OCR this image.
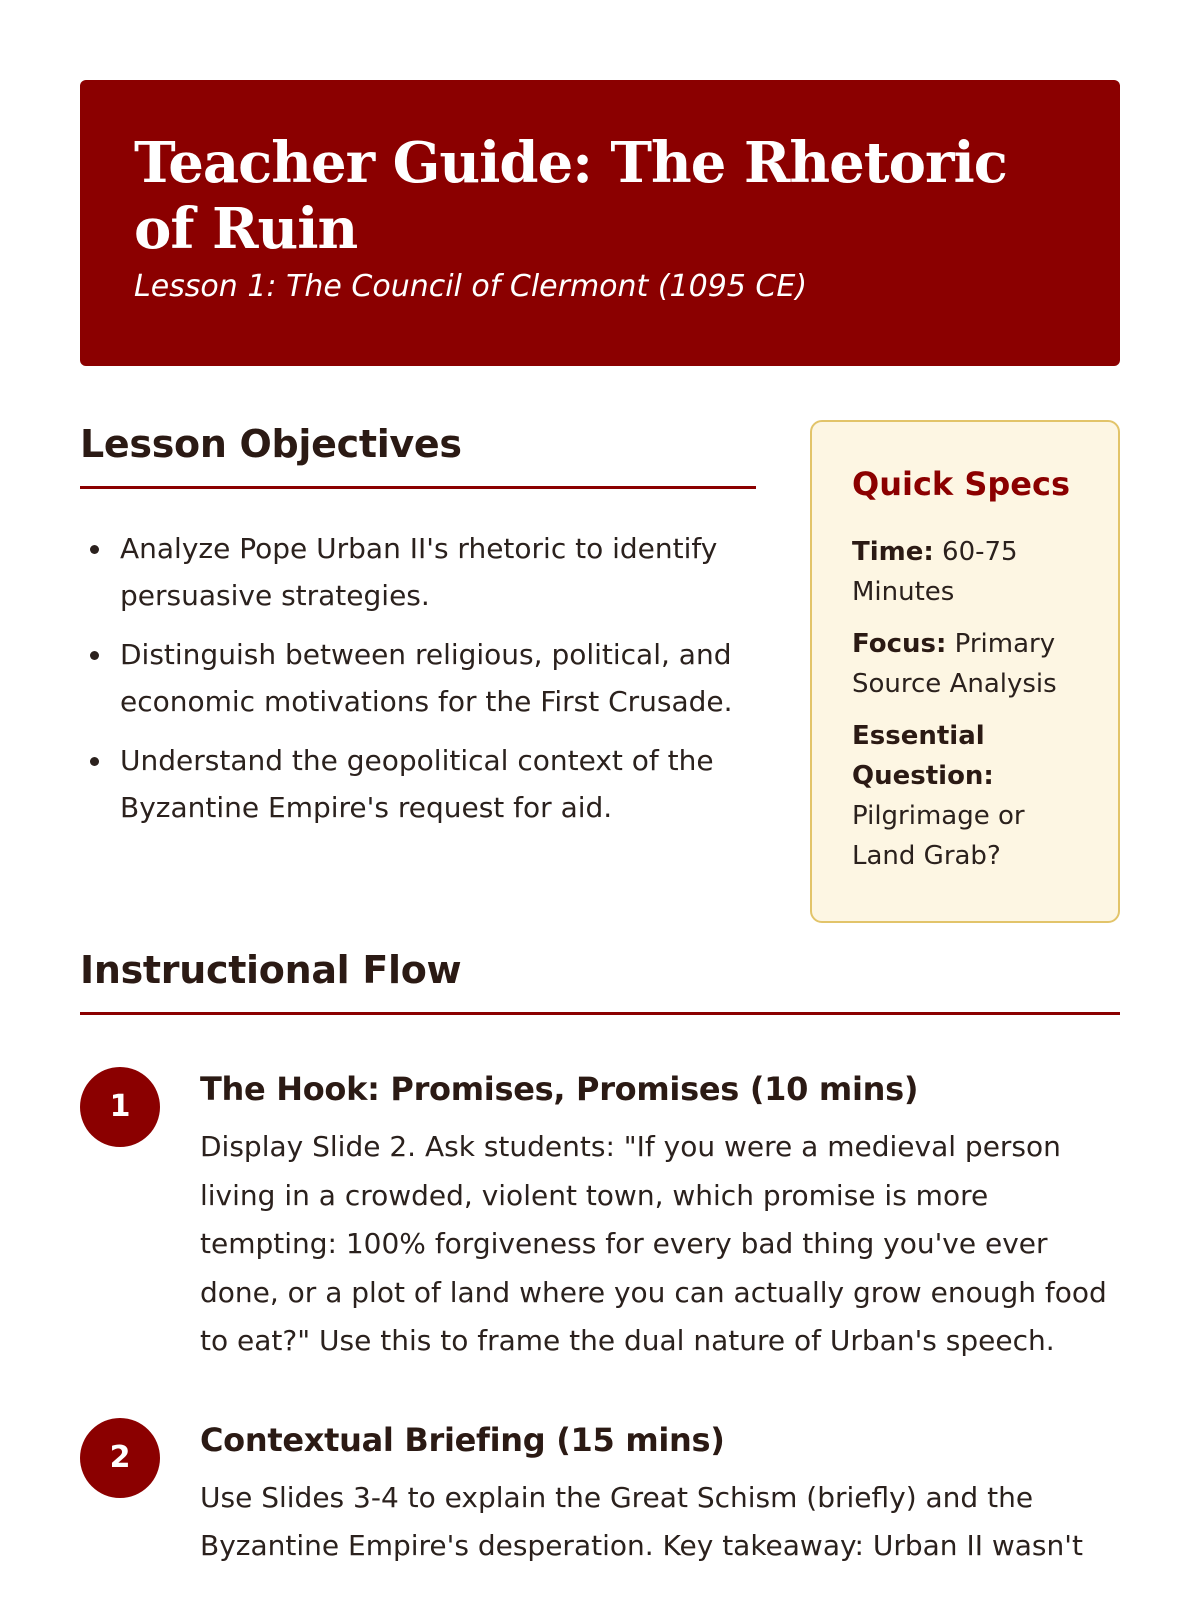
Teacher Guide: The Rhetoric of Ruin
Lesson 1: The Council of Clermont (1095 CE)
Lesson Objectives
Analyze Pope Urban II's rhetoric to identify persuasive strategies.
Distinguish between religious, political, and economic motivations for the First Crusade.
Understand the geopolitical context of the Byzantine Empire's request for aid.
Quick Specs
Time: 60-75 Minutes
Focus: Primary Source Analysis
Essential Question: Pilgrimage or Land Grab?
Instructional Flow
1	The Hook: Promises, Promises (10 mins)

Display Slide 2. Ask students: "If you were a medieval person living in a crowded, violent town, which promise is more tempting: 100% forgiveness for every bad thing you've ever done, or a plot of land where you can actually grow enough food to eat?" Use this to frame the dual nature of Urban's speech.

2	Contextual Briefing (15 mins)

Use Slides 3-4 to explain the Great Schism (briefly) and the Byzantine Empire's desperation. Key takeaway: Urban II wasn't
